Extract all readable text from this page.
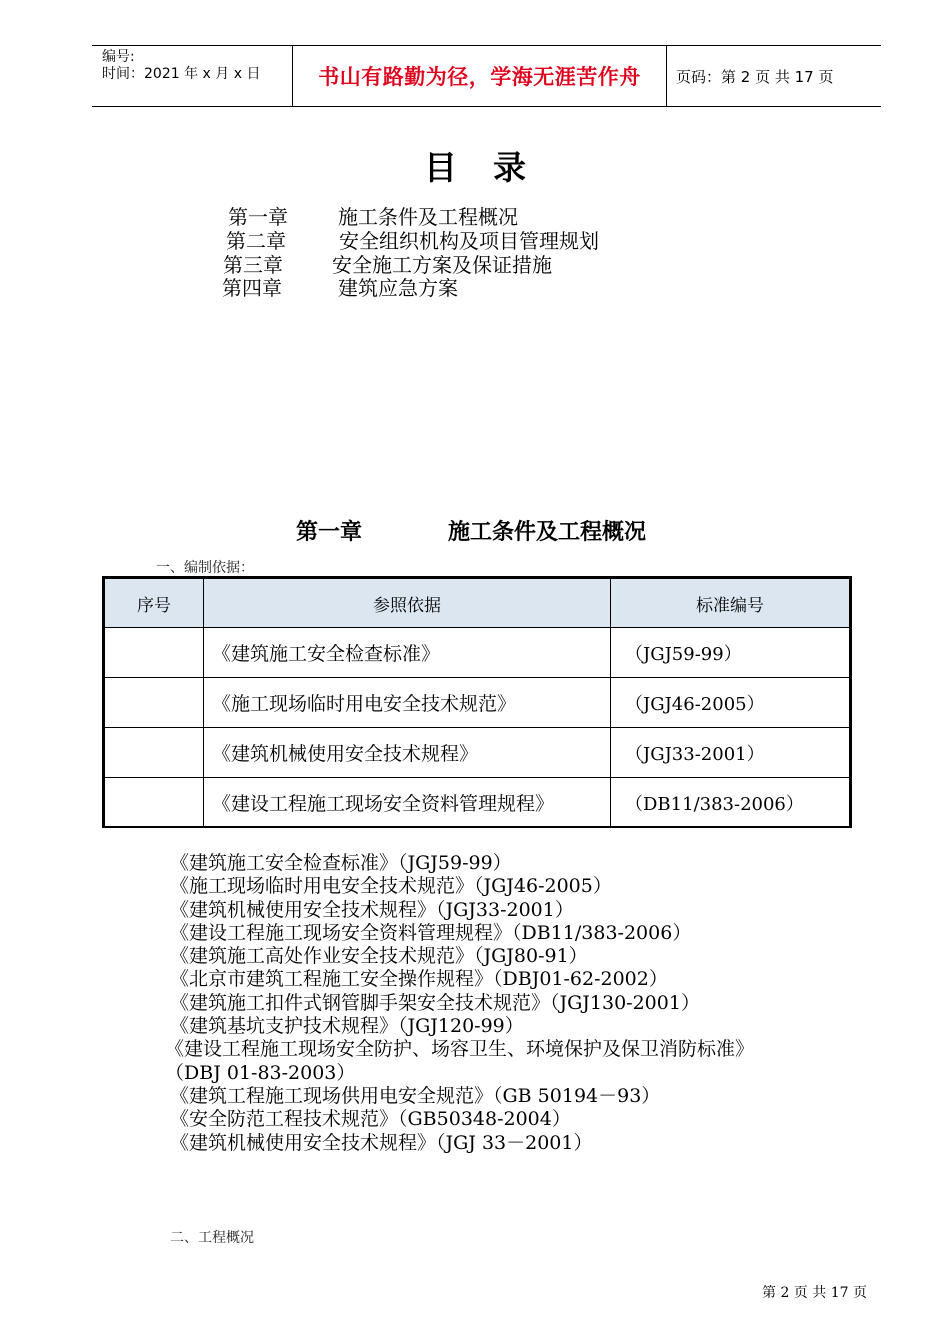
编号:
时间：2021 年 x 月 x 日	书山有路勤为径，学海无涯苦作舟 页码：第 2 页 共 17 页
目录
第一章	施工条件及工程概况
第二章	安全组织机构及项目管理规划
第三章 安全施工方案及保证措施
第四章	建筑应急方案
第一章	施工条件及工程概况
一、编制依据：
序号	参照依据	标准编号
	《建筑施工安全检查标准》	（JGJ59-99）
	《施工现场临时用电安全技术规范》	（JGJ46-2005）
	《建筑机械使用安全技术规程》	（JGJ33-2001）
	《建设工程施工现场安全资料管理规程》	（DB11/383-2006）
《建筑施工安全检查标准》（JGJ59-99）
《施工现场临时用电安全技术规范》（JGJ46-2005）
《建筑机械使用安全技术规程》（JGJ33-2001）
《建设工程施工现场安全资料管理规程》（DB11/383-2006）
《建筑施工高处作业安全技术规范》（JGJ80-91）
《北京市建筑工程施工安全操作规程》（DBJ01-62-2002）
《建筑施工扣件式钢管脚手架安全技术规范》（JGJ130-2001）
《建筑基坑支护技术规程》（JGJ120-99）
《建设工程施工现场安全防护、场容卫生、环境保护及保卫消防标准》
（DBJ 01-83-2003）
《建筑工程施工现场供用电安全规范》（GB 50194－93）
《安全防范工程技术规范》（GB50348-2004）
《建筑机械使用安全技术规程》（JGJ 33－2001）
二、工程概况
第 2 页 共 17 页
